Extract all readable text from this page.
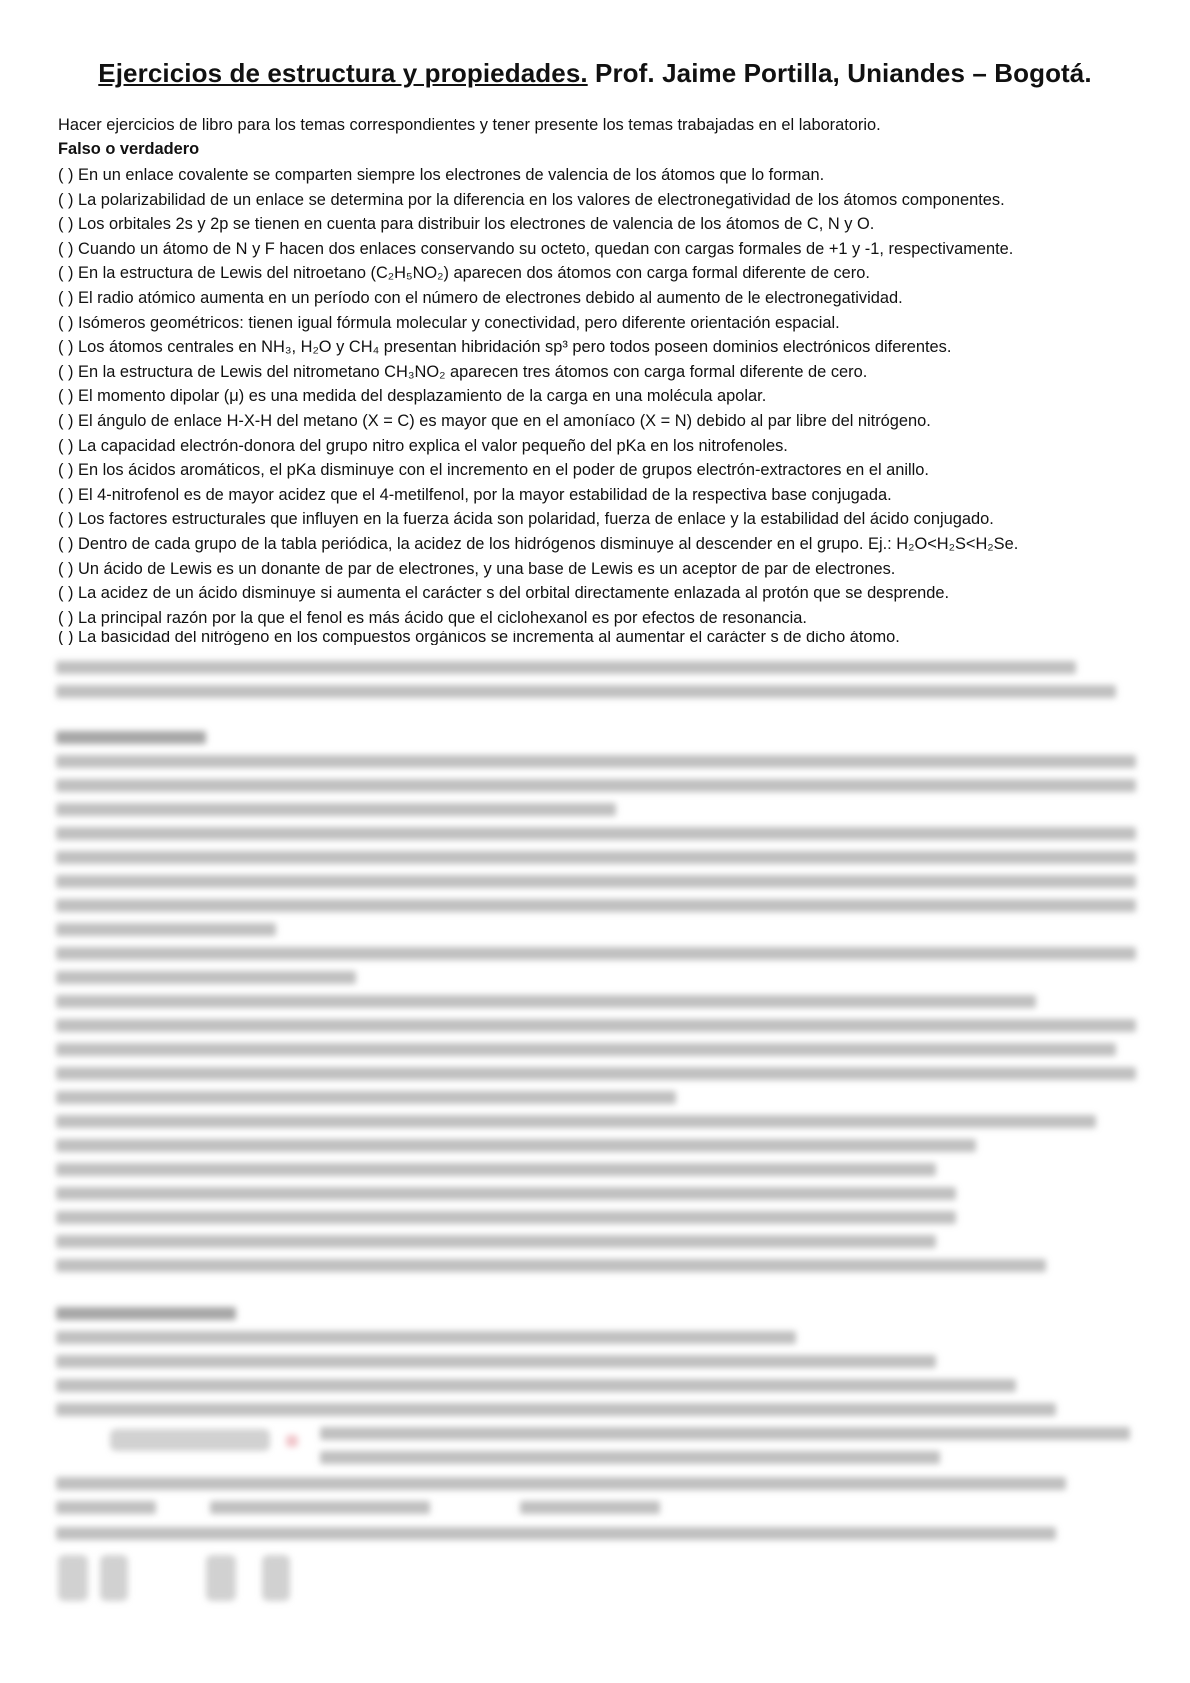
Ejercicios de estructura y propiedades. Prof. Jaime Portilla, Uniandes – Bogotá.
Hacer ejercicios de libro para los temas correspondientes y tener presente los temas trabajadas en el laboratorio.
Falso o verdadero
( ) En un enlace covalente se comparten siempre los electrones de valencia de los átomos que lo forman.
( ) La polarizabilidad de un enlace se determina por la diferencia en los valores de electronegatividad de los átomos componentes.
( ) Los orbitales 2s y 2p se tienen en cuenta para distribuir los electrones de valencia de los átomos de C, N y O.
( ) Cuando un átomo de N y F hacen dos enlaces conservando su octeto, quedan con cargas formales de +1 y -1, respectivamente.
( ) En la estructura de Lewis del nitroetano (C₂H₅NO₂) aparecen dos átomos con carga formal diferente de cero.
( ) El radio atómico aumenta en un período con el número de electrones debido al aumento de le electronegatividad.
( ) Isómeros geométricos: tienen igual fórmula molecular y conectividad, pero diferente orientación espacial.
( ) Los átomos centrales en NH₃, H₂O y CH₄ presentan hibridación sp³ pero todos poseen dominios electrónicos diferentes.
( ) En la estructura de Lewis del nitrometano CH₃NO₂ aparecen tres átomos con carga formal diferente de cero.
( ) El momento dipolar (μ) es una medida del desplazamiento de la carga en una molécula apolar.
( ) El ángulo de enlace H-X-H del metano (X = C) es mayor que en el amoníaco (X = N) debido al par libre del nitrógeno.
( ) La capacidad electrón-donora del grupo nitro explica el valor pequeño del pKa en los nitrofenoles.
( ) En los ácidos aromáticos, el pKa disminuye con el incremento en el poder de grupos electrón-extractores en el anillo.
( ) El 4-nitrofenol es de mayor acidez que el 4-metilfenol, por la mayor estabilidad de la respectiva base conjugada.
( ) Los factores estructurales que influyen en la fuerza ácida son polaridad, fuerza de enlace y la estabilidad del ácido conjugado.
( ) Dentro de cada grupo de la tabla periódica, la acidez de los hidrógenos disminuye al descender en el grupo. Ej.: H₂O<H₂S<H₂Se.
( ) Un ácido de Lewis es un donante de par de electrones, y una base de Lewis es un aceptor de par de electrones.
( ) La acidez de un ácido disminuye si aumenta el carácter s del orbital directamente enlazada al protón que se desprende.
( ) La principal razón por la que el fenol es más ácido que el ciclohexanol es por efectos de resonancia.
( ) La basicidad del nitrógeno en los compuestos orgánicos se incrementa al aumentar el carácter s de dicho átomo.
